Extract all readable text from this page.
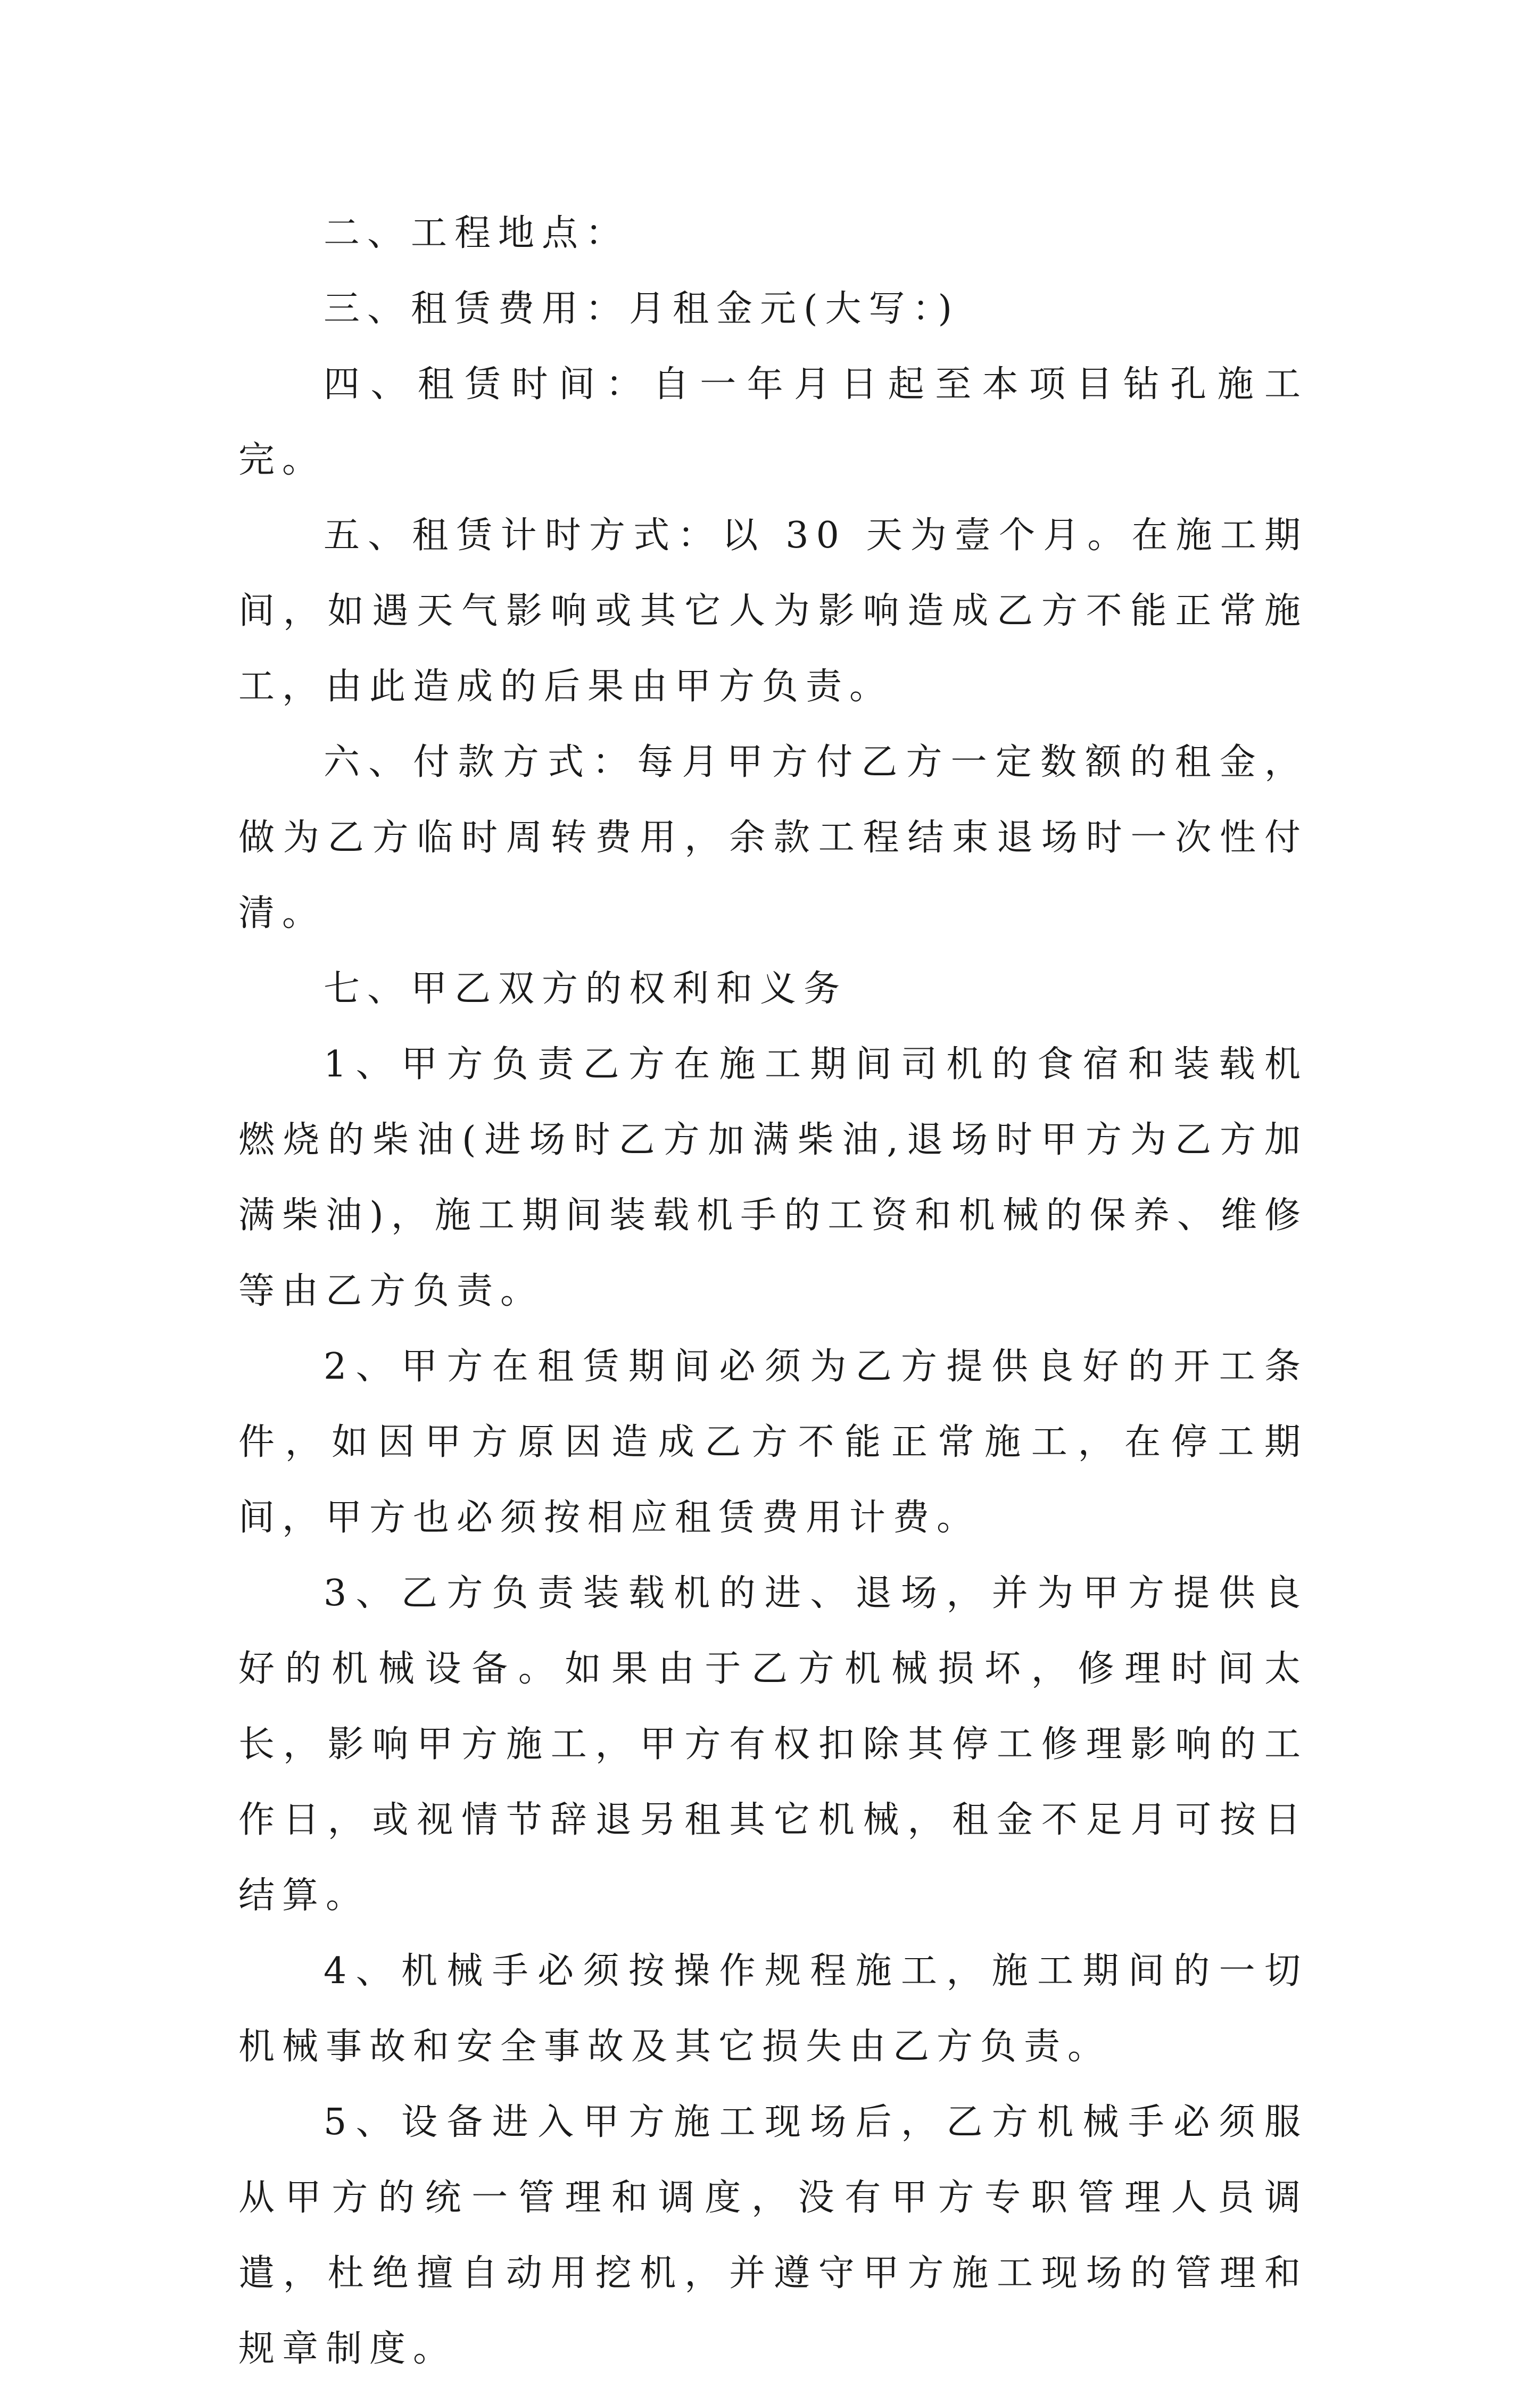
二、工程地点：

三、租赁费用：月租金元(大写：)

四、租赁时间：自一年月日起至本项目钻孔施工完。

五、租赁计时方式：以 30 天为壹个月。在施工期间，如遇天气影响或其它人为影响造成乙方不能正常施工，由此造成的后果由甲方负责。

六、付款方式：每月甲方付乙方一定数额的租金，做为乙方临时周转费用，余款工程结束退场时一次性付清。

七、甲乙双方的权利和义务

1、甲方负责乙方在施工期间司机的食宿和装载机燃烧的柴油(进场时乙方加满柴油,退场时甲方为乙方加满柴油)，施工期间装载机手的工资和机械的保养、维修等由乙方负责。

2、甲方在租赁期间必须为乙方提供良好的开工条件，如因甲方原因造成乙方不能正常施工，在停工期间，甲方也必须按相应租赁费用计费。

3、乙方负责装载机的进、退场，并为甲方提供良好的机械设备。如果由于乙方机械损坏，修理时间太长，影响甲方施工，甲方有权扣除其停工修理影响的工作日，或视情节辞退另租其它机械，租金不足月可按日结算。

4、机械手必须按操作规程施工，施工期间的一切机械事故和安全事故及其它损失由乙方负责。

5、设备进入甲方施工现场后，乙方机械手必须服从甲方的统一管理和调度，没有甲方专职管理人员调遣，杜绝擅自动用挖机，并遵守甲方施工现场的管理和规章制度。
